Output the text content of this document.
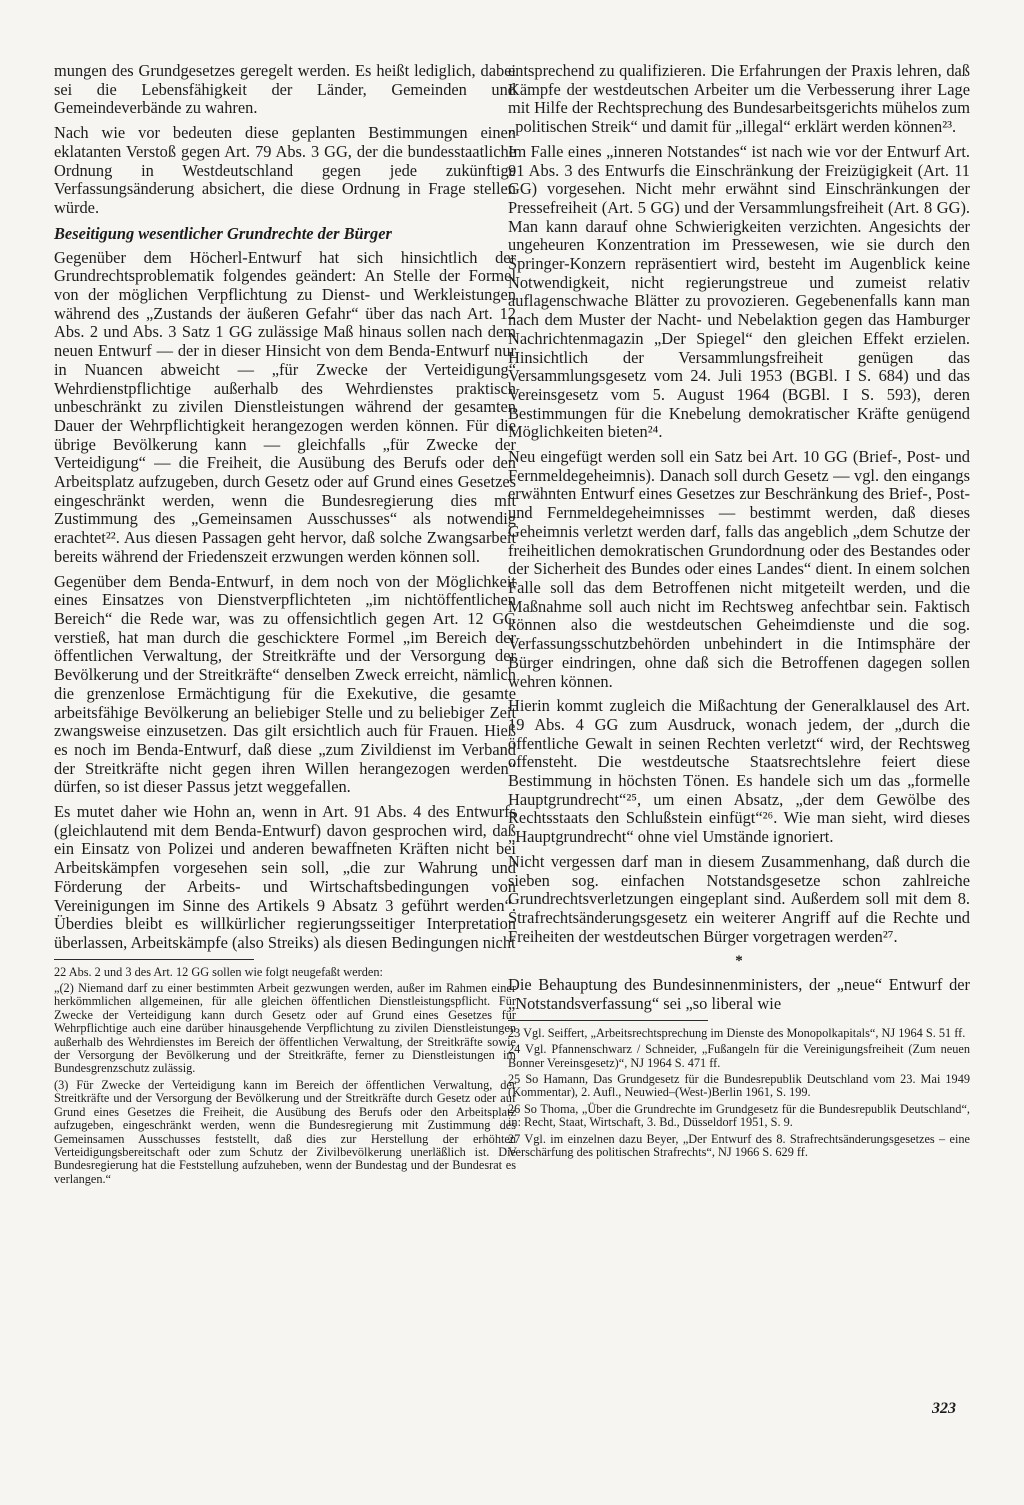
mungen des Grundgesetzes geregelt werden. Es heißt lediglich, dabei sei die Lebensfähigkeit der Länder, Gemeinden und Gemeindeverbände zu wahren.

Nach wie vor bedeuten diese geplanten Bestimmungen einen eklatanten Verstoß gegen Art. 79 Abs. 3 GG, der die bundesstaatliche Ordnung in Westdeutschland gegen jede zukünftige Verfassungsänderung absichert, die diese Ordnung in Frage stellen würde.

Beseitigung wesentlicher Grundrechte der Bürger

Gegenüber dem Höcherl-Entwurf hat sich hinsichtlich der Grundrechtsproblematik folgendes geändert: An Stelle der Formel von der möglichen Verpflichtung zu Dienst- und Werkleistungen während des „Zustands der äußeren Gefahr“ über das nach Art. 12 Abs. 2 und Abs. 3 Satz 1 GG zulässige Maß hinaus sollen nach dem neuen Entwurf — der in dieser Hinsicht von dem Benda-Entwurf nur in Nuancen abweicht — „für Zwecke der Verteidigung“ Wehrdienstpflichtige außerhalb des Wehrdienstes praktisch unbeschränkt zu zivilen Dienstleistungen während der gesamten Dauer der Wehrpflichtigkeit herangezogen werden können. Für die übrige Bevölkerung kann — gleichfalls „für Zwecke der Verteidigung“ — die Freiheit, die Ausübung des Berufs oder den Arbeitsplatz aufzugeben, durch Gesetz oder auf Grund eines Gesetzes eingeschränkt werden, wenn die Bundesregierung dies mit Zustimmung des „Gemeinsamen Ausschusses“ als notwendig erachtet²². Aus diesen Passagen geht hervor, daß solche Zwangsarbeit bereits während der Friedenszeit erzwungen werden können soll.

Gegenüber dem Benda-Entwurf, in dem noch von der Möglichkeit eines Einsatzes von Dienstverpflichteten „im nichtöffentlichen Bereich“ die Rede war, was zu offensichtlich gegen Art. 12 GG verstieß, hat man durch die geschicktere Formel „im Bereich der öffentlichen Verwaltung, der Streitkräfte und der Versorgung der Bevölkerung und der Streitkräfte“ denselben Zweck erreicht, nämlich die grenzenlose Ermächtigung für die Exekutive, die gesamte arbeitsfähige Bevölkerung an beliebiger Stelle und zu beliebiger Zeit zwangsweise einzusetzen. Das gilt ersichtlich auch für Frauen. Hieß es noch im Benda-Entwurf, daß diese „zum Zivildienst im Verband der Streitkräfte nicht gegen ihren Willen herangezogen werden“ dürfen, so ist dieser Passus jetzt weggefallen.

Es mutet daher wie Hohn an, wenn in Art. 91 Abs. 4 des Entwurfs (gleichlautend mit dem Benda-Entwurf) davon gesprochen wird, daß ein Einsatz von Polizei und anderen bewaffneten Kräften nicht bei Arbeitskämpfen vorgesehen sein soll, „die zur Wahrung und Förderung der Arbeits- und Wirtschaftsbedingungen von Vereinigungen im Sinne des Artikels 9 Absatz 3 geführt werden“. Überdies bleibt es willkürlicher regierungsseitiger Interpretation überlassen, Arbeitskämpfe (also Streiks) als diesen Bedingungen nicht

22 Abs. 2 und 3 des Art. 12 GG sollen wie folgt neugefaßt werden:

„(2) Niemand darf zu einer bestimmten Arbeit gezwungen werden, außer im Rahmen einer herkömmlichen allgemeinen, für alle gleichen öffentlichen Dienstleistungspflicht. Für Zwecke der Verteidigung kann durch Gesetz oder auf Grund eines Gesetzes für Wehrpflichtige auch eine darüber hinausgehende Verpflichtung zu zivilen Dienstleistungen außerhalb des Wehrdienstes im Bereich der öffentlichen Verwaltung, der Streitkräfte sowie der Versorgung der Bevölkerung und der Streitkräfte, ferner zu Dienstleistungen im Bundesgrenzschutz zulässig.

(3) Für Zwecke der Verteidigung kann im Bereich der öffentlichen Verwaltung, der Streitkräfte und der Versorgung der Bevölkerung und der Streitkräfte durch Gesetz oder auf Grund eines Gesetzes die Freiheit, die Ausübung des Berufs oder den Arbeitsplatz aufzugeben, eingeschränkt werden, wenn die Bundesregierung mit Zustimmung des Gemeinsamen Ausschusses feststellt, daß dies zur Herstellung der erhöhten Verteidigungsbereitschaft oder zum Schutz der Zivilbevölkerung unerläßlich ist. Die Bundesregierung hat die Feststellung aufzuheben, wenn der Bundestag und der Bundesrat es verlangen.“

entsprechend zu qualifizieren. Die Erfahrungen der Praxis lehren, daß Kämpfe der westdeutschen Arbeiter um die Verbesserung ihrer Lage mit Hilfe der Rechtsprechung des Bundesarbeitsgerichts mühelos zum „politischen Streik“ und damit für „illegal“ erklärt werden können²³.

Im Falle eines „inneren Notstandes“ ist nach wie vor der Entwurf Art. 91 Abs. 3 des Entwurfs die Einschränkung der Freizügigkeit (Art. 11 GG) vorgesehen. Nicht mehr erwähnt sind Einschränkungen der Pressefreiheit (Art. 5 GG) und der Versammlungsfreiheit (Art. 8 GG). Man kann darauf ohne Schwierigkeiten verzichten. Angesichts der ungeheuren Konzentration im Pressewesen, wie sie durch den Springer-Konzern repräsentiert wird, besteht im Augenblick keine Notwendigkeit, nicht regierungstreue und zumeist relativ auflagenschwache Blätter zu provozieren. Gegebenenfalls kann man nach dem Muster der Nacht- und Nebelaktion gegen das Hamburger Nachrichtenmagazin „Der Spiegel“ den gleichen Effekt erzielen. Hinsichtlich der Versammlungsfreiheit genügen das Versammlungsgesetz vom 24. Juli 1953 (BGBl. I S. 684) und das Vereinsgesetz vom 5. August 1964 (BGBl. I S. 593), deren Bestimmungen für die Knebelung demokratischer Kräfte genügend Möglichkeiten bieten²⁴.

Neu eingefügt werden soll ein Satz bei Art. 10 GG (Brief-, Post- und Fernmeldegeheimnis). Danach soll durch Gesetz — vgl. den eingangs erwähnten Entwurf eines Gesetzes zur Beschränkung des Brief-, Post- und Fernmeldegeheimnisses — bestimmt werden, daß dieses Geheimnis verletzt werden darf, falls das angeblich „dem Schutze der freiheitlichen demokratischen Grundordnung oder des Bestandes oder der Sicherheit des Bundes oder eines Landes“ dient. In einem solchen Falle soll das dem Betroffenen nicht mitgeteilt werden, und die Maßnahme soll auch nicht im Rechtsweg anfechtbar sein. Faktisch können also die westdeutschen Geheimdienste und die sog. Verfassungsschutzbehörden unbehindert in die Intimsphäre der Bürger eindringen, ohne daß sich die Betroffenen dagegen sollen wehren können.

Hierin kommt zugleich die Mißachtung der Generalklausel des Art. 19 Abs. 4 GG zum Ausdruck, wonach jedem, der „durch die öffentliche Gewalt in seinen Rechten verletzt“ wird, der Rechtsweg offensteht. Die westdeutsche Staatsrechtslehre feiert diese Bestimmung in höchsten Tönen. Es handele sich um das „formelle Hauptgrundrecht“²⁵, um einen Absatz, „der dem Gewölbe des Rechtsstaats den Schlußstein einfügt“²⁶. Wie man sieht, wird dieses „Hauptgrundrecht“ ohne viel Umstände ignoriert.

Nicht vergessen darf man in diesem Zusammenhang, daß durch die sieben sog. einfachen Notstandsgesetze schon zahlreiche Grundrechtsverletzungen eingeplant sind. Außerdem soll mit dem 8. Strafrechtsänderungsgesetz ein weiterer Angriff auf die Rechte und Freiheiten der westdeutschen Bürger vorgetragen werden²⁷.

*

Die Behauptung des Bundesinnenministers, der „neue“ Entwurf der „Notstandsverfassung“ sei „so liberal wie

23 Vgl. Seiffert, „Arbeitsrechtsprechung im Dienste des Monopolkapitals“, NJ 1964 S. 51 ff.

24 Vgl. Pfannenschwarz / Schneider, „Fußangeln für die Vereinigungsfreiheit (Zum neuen Bonner Vereinsgesetz)“, NJ 1964 S. 471 ff.

25 So Hamann, Das Grundgesetz für die Bundesrepublik Deutschland vom 23. Mai 1949 (Kommentar), 2. Aufl., Neuwied–(West-)Berlin 1961, S. 199.

26 So Thoma, „Über die Grundrechte im Grundgesetz für die Bundesrepublik Deutschland“, in: Recht, Staat, Wirtschaft, 3. Bd., Düsseldorf 1951, S. 9.

27 Vgl. im einzelnen dazu Beyer, „Der Entwurf des 8. Strafrechtsänderungsgesetzes – eine Verschärfung des politischen Strafrechts“, NJ 1966 S. 629 ff.

323
